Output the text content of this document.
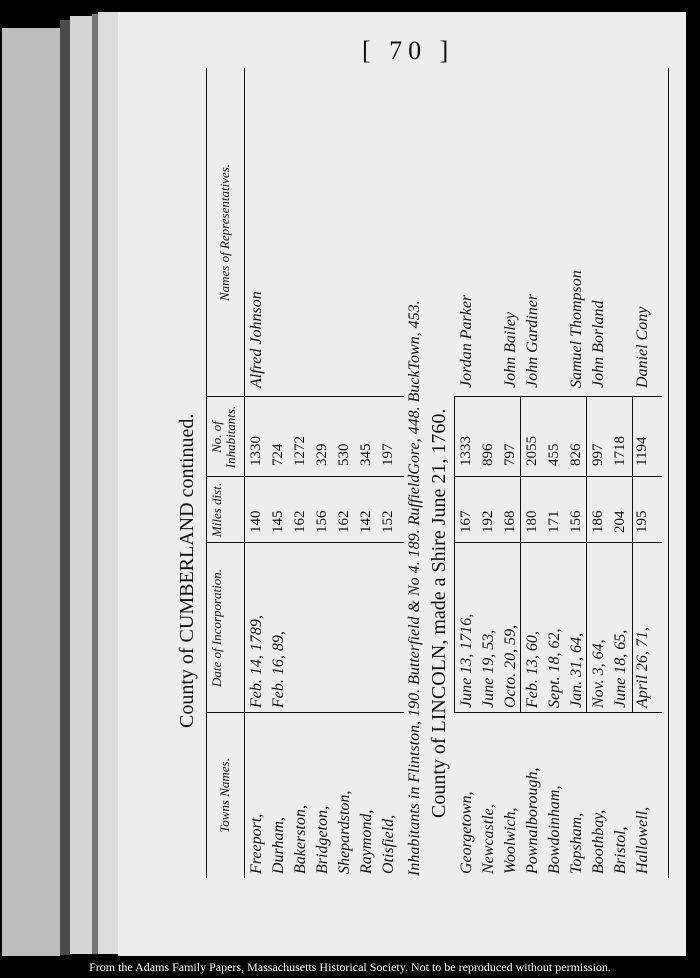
[ 70 ]
County of CUMBERLAND continued.
Towns Names.
Date of Incorporation.
Miles dist.
No. of Inhabitants.
Names of Representatives.
Freeport,
Feb. 14, 1789,
140
1330
Alfred Johnson
Durham,
Feb. 16, 89,
145
724
Bakerston,
162
1272
Bridgeton,
156
329
Shepardston,
162
530
Raymond,
142
345
Otisfield,
152
197 Inhabitants in Flintston, 190. Butterfield & No 4. 189. RuffieldGore, 448. BuckTown, 453. County of LINCOLN, made a Shire June 21, 1760.
Georgetown,
June 13, 1716,
167
1333
Jordan Parker
Newcastle,
June 19, 53,
192
896
Woolwich,
Octo. 20, 59,
168
797
John Bailey
Pownalborough,
Feb. 13, 60,
180
2055
John Gardiner
Bowdoinham,
Sept. 18, 62,
171
455
Topsham,
Jan. 31, 64,
156
826
Samuel Thompson
Boothbay,
Nov. 3, 64,
186
997
John Borland
Bristol,
June 18, 65,
204
1718
Hallowell,
April 26, 71,
195
1194
Daniel Cony
From the Adams Family Papers, Massachusetts Historical Society. Not to be reproduced without permission.
